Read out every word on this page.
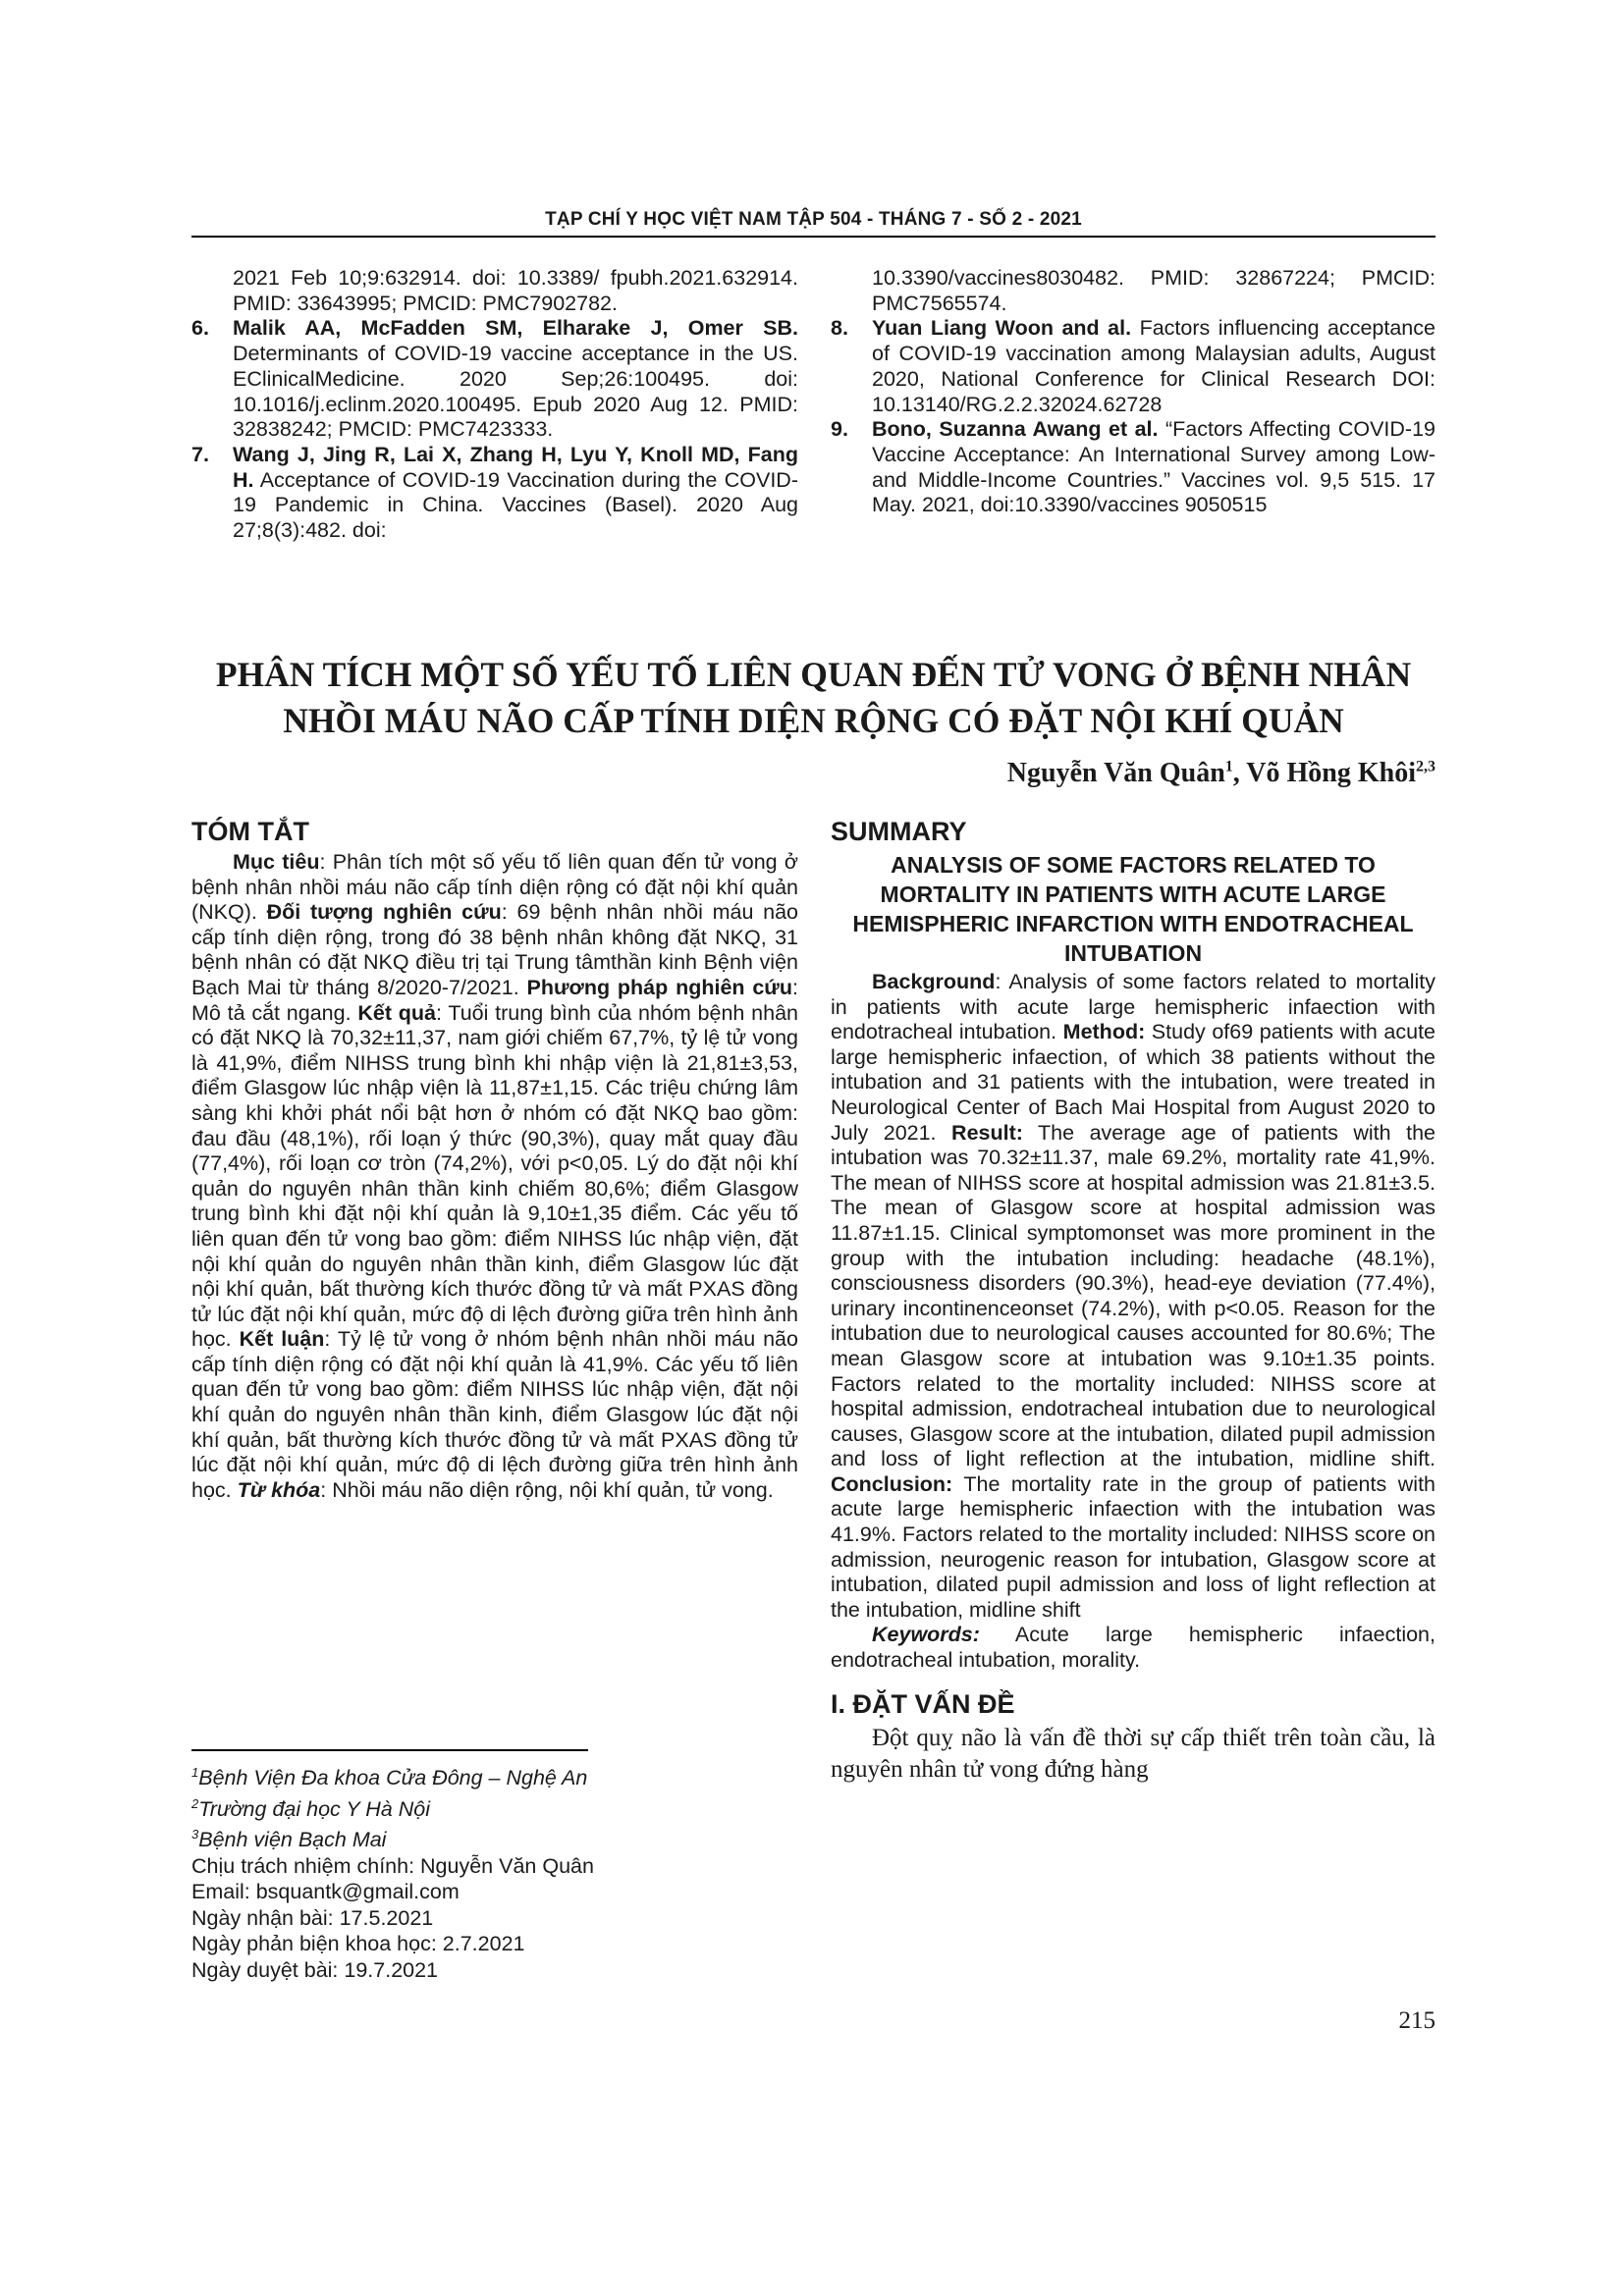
TẠP CHÍ Y HỌC VIỆT NAM TẬP 504 - THÁNG 7 - SỐ 2 - 2021
2021 Feb 10;9:632914. doi: 10.3389/ fpubh.2021.632914. PMID: 33643995; PMCID: PMC7902782.
6.	Malik AA, McFadden SM, Elharake J, Omer SB. Determinants of COVID-19 vaccine acceptance in the US. EClinicalMedicine. 2020 Sep;26:100495. doi: 10.1016/j.eclinm.2020.100495. Epub 2020 Aug 12. PMID: 32838242; PMCID: PMC7423333.
7.	Wang J, Jing R, Lai X, Zhang H, Lyu Y, Knoll MD, Fang H. Acceptance of COVID-19 Vaccination during the COVID-19 Pandemic in China. Vaccines (Basel). 2020 Aug 27;8(3):482. doi:
10.3390/vaccines8030482. PMID: 32867224; PMCID: PMC7565574.
8.	Yuan Liang Woon and al. Factors influencing acceptance of COVID-19 vaccination among Malaysian adults, August 2020, National Conference for Clinical Research DOI: 10.13140/RG.2.2.32024.62728
9.	Bono, Suzanna Awang et al. “Factors Affecting COVID-19 Vaccine Acceptance: An International Survey among Low- and Middle-Income Countries.” Vaccines vol. 9,5 515. 17 May. 2021, doi:10.3390/vaccines 9050515
PHÂN TÍCH MỘT SỐ YẾU TỐ LIÊN QUAN ĐẾN TỬ VONG Ở BỆNH NHÂN
NHỒI MÁU NÃO CẤP TÍNH DIỆN RỘNG CÓ ĐẶT NỘI KHÍ QUẢN
Nguyễn Văn Quân$^1$, Võ Hồng Khôi$^{2,3}$
TÓM TẮT

Mục tiêu: Phân tích một số yếu tố liên quan đến tử vong ở bệnh nhân nhồi máu não cấp tính diện rộng có đặt nội khí quản (NKQ). Đối tượng nghiên cứu: 69 bệnh nhân nhồi máu não cấp tính diện rộng, trong đó 38 bệnh nhân không đặt NKQ, 31 bệnh nhân có đặt NKQ điều trị tại Trung tâmthần kinh Bệnh viện Bạch Mai từ tháng 8/2020-7/2021. Phương pháp nghiên cứu: Mô tả cắt ngang. Kết quả: Tuổi trung bình của nhóm bệnh nhân có đặt NKQ là 70,32±11,37, nam giới chiếm 67,7%, tỷ lệ tử vong là 41,9%, điểm NIHSS trung bình khi nhập viện là 21,81±3,53, điểm Glasgow lúc nhập viện là 11,87±1,15. Các triệu chứng lâm sàng khi khởi phát nổi bật hơn ở nhóm có đặt NKQ bao gồm: đau đầu (48,1%), rối loạn ý thức (90,3%), quay mắt quay đầu (77,4%), rối loạn cơ tròn (74,2%), với p<0,05. Lý do đặt nội khí quản do nguyên nhân thần kinh chiếm 80,6%; điểm Glasgow trung bình khi đặt nội khí quản là 9,10±1,35 điểm. Các yếu tố liên quan đến tử vong bao gồm: điểm NIHSS lúc nhập viện, đặt nội khí quản do nguyên nhân thần kinh, điểm Glasgow lúc đặt nội khí quản, bất thường kích thước đồng tử và mất PXAS đồng tử lúc đặt nội khí quản, mức độ di lệch đường giữa trên hình ảnh học. Kết luận: Tỷ lệ tử vong ở nhóm bệnh nhân nhồi máu não cấp tính diện rộng có đặt nội khí quản là 41,9%. Các yếu tố liên quan đến tử vong bao gồm: điểm NIHSS lúc nhập viện, đặt nội khí quản do nguyên nhân thần kinh, điểm Glasgow lúc đặt nội khí quản, bất thường kích thước đồng tử và mất PXAS đồng tử lúc đặt nội khí quản, mức độ di lệch đường giữa trên hình ảnh học. Từ khóa: Nhồi máu não diện rộng, nội khí quản, tử vong.

$^1$Bệnh Viện Đa khoa Cửa Đông – Nghệ An
$^2$Trường đại học Y Hà Nội
$^3$Bệnh viện Bạch Mai
Chịu trách nhiệm chính: Nguyễn Văn Quân
Email: bsquantk@gmail.com
Ngày nhận bài: 17.5.2021
Ngày phản biện khoa học: 2.7.2021
Ngày duyệt bài: 19.7.2021
SUMMARY
ANALYSIS OF SOME FACTORS RELATED TO MORTALITY IN PATIENTS WITH ACUTE LARGE HEMISPHERIC INFARCTION WITH ENDOTRACHEAL INTUBATION

Background: Analysis of some factors related to mortality in patients with acute large hemispheric infaection with endotracheal intubation. Method: Study of69 patients with acute large hemispheric infaection, of which 38 patients without the intubation and 31 patients with the intubation, were treated in Neurological Center of Bach Mai Hospital from August 2020 to July 2021. Result: The average age of patients with the intubation was 70.32±11.37, male 69.2%, mortality rate 41,9%. The mean of NIHSS score at hospital admission was 21.81±3.5. The mean of Glasgow score at hospital admission was 11.87±1.15. Clinical symptomonset was more prominent in the group with the intubation including: headache (48.1%), consciousness disorders (90.3%), head-eye deviation (77.4%), urinary incontinenceonset (74.2%), with p<0.05. Reason for the intubation due to neurological causes accounted for 80.6%; The mean Glasgow score at intubation was 9.10±1.35 points. Factors related to the mortality included: NIHSS score at hospital admission, endotracheal intubation due to neurological causes, Glasgow score at the intubation, dilated pupil admission and loss of light reflection at the intubation, midline shift. Conclusion: The mortality rate in the group of patients with acute large hemispheric infaection with the intubation was 41.9%. Factors related to the mortality included: NIHSS score on admission, neurogenic reason for intubation, Glasgow score at intubation, dilated pupil admission and loss of light reflection at the intubation, midline shift

Keywords: Acute large hemispheric infaection, endotracheal intubation, morality.

I. ĐẶT VẤN ĐỀ

Đột quỵ não là vấn đề thời sự cấp thiết trên toàn cầu, là nguyên nhân tử vong đứng hàng

215
